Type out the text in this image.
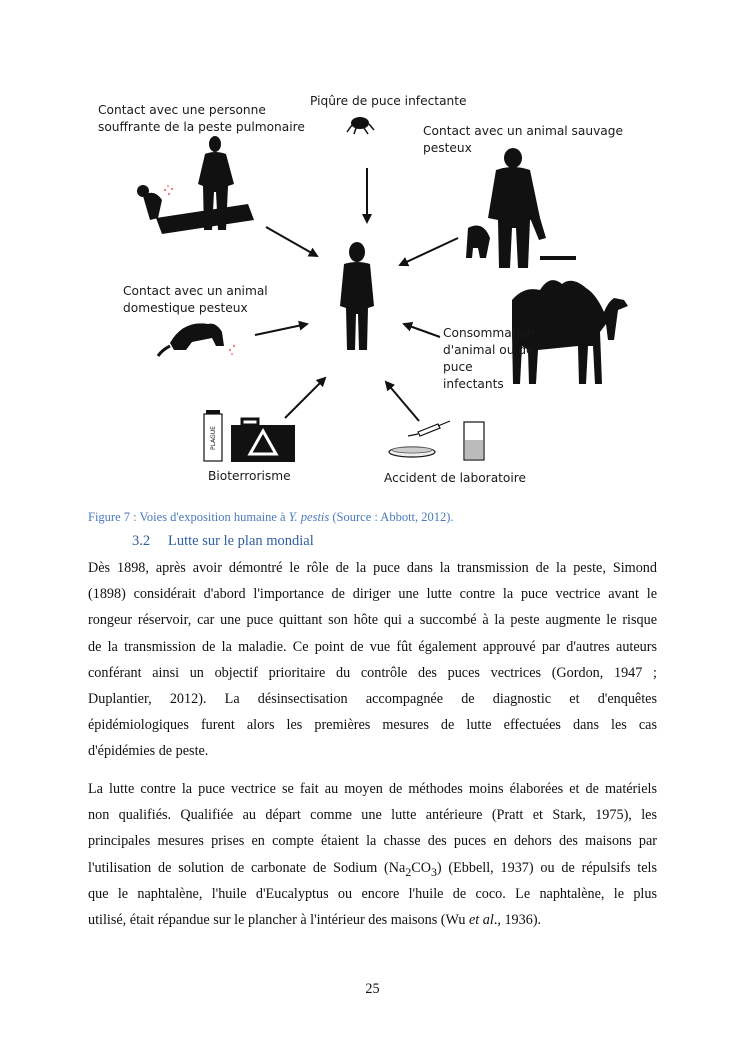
PLAGUE
Contact avec une personne
souffrante de la peste pulmonaire
Piqûre de puce infectante
Contact avec un animal sauvage pesteux
Contact avec un animal
domestique pesteux
Consommation
d'animal ou de
puce
infectants
Bioterrorisme	Accident de laboratoire
Figure 7 : Voies d'exposition humaine à Y. pestis (Source : Abbott, 2012).
3.2 Lutte sur le plan mondial
Dès 1898, après avoir démontré le rôle de la puce dans la transmission de la peste, Simond
(1898) considérait d'abord l'importance de diriger une lutte contre la puce vectrice avant le
rongeur réservoir, car une puce quittant son hôte qui a succombé à la peste augmente le risque
de la transmission de la maladie. Ce point de vue fût également approuvé par d'autres auteurs
conférant ainsi un objectif prioritaire du contrôle des puces vectrices (Gordon, 1947 ;
Duplantier, 2012). La désinsectisation accompagnée de diagnostic et d'enquêtes
épidémiologiques furent alors les premières mesures de lutte effectuées dans les cas
d'épidémies de peste.
La lutte contre la puce vectrice se fait au moyen de méthodes moins élaborées et de matériels
non qualifiés. Qualifiée au départ comme une lutte antérieure (Pratt et Stark, 1975), les
principales mesures prises en compte étaient la chasse des puces en dehors des maisons par
l'utilisation de solution de carbonate de Sodium $(Na_2CO_3)$ (Ebbell, 1937) ou de répulsifs tels
que le naphtalène, l'huile d'Eucalyptus ou encore l'huile de coco. Le naphtalène, le plus
utilisé, était répandue sur le plancher à l'intérieur des maisons (Wu et al., 1936).
25
